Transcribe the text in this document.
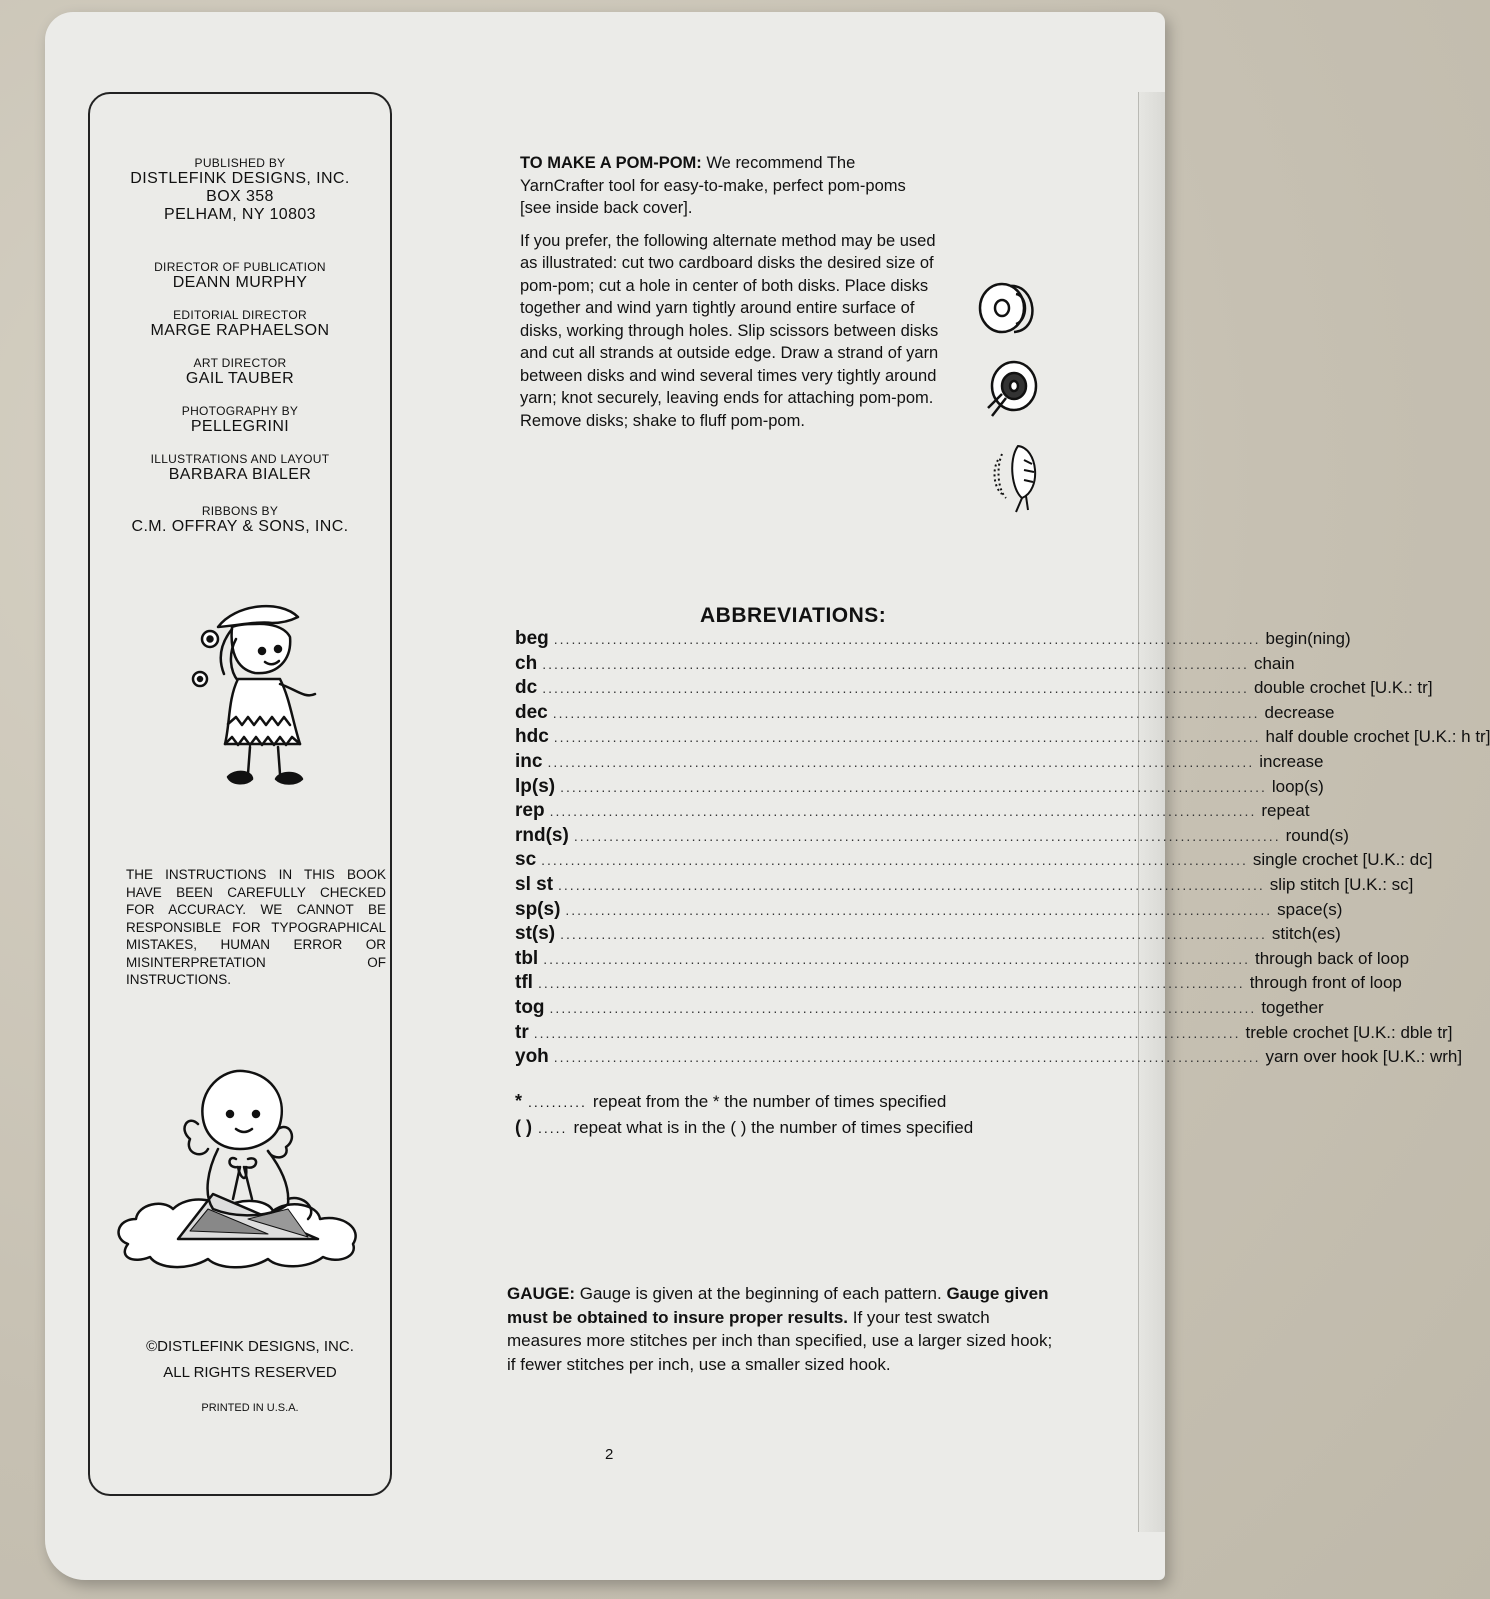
PUBLISHED BY
DISTLEFINK DESIGNS, INC.
BOX 358
PELHAM, NY 10803
DIRECTOR OF PUBLICATION
DEANN MURPHY
EDITORIAL DIRECTOR
MARGE RAPHAELSON
ART DIRECTOR
GAIL TAUBER
PHOTOGRAPHY BY
PELLEGRINI
ILLUSTRATIONS AND LAYOUT
BARBARA BIALER
RIBBONS BY
C.M. OFFRAY & SONS, INC.
THE INSTRUCTIONS IN THIS BOOK HAVE BEEN CAREFULLY CHECKED FOR ACCURACY. WE CANNOT BE RESPONSIBLE FOR TYPOGRAPHICAL MISTAKES, HUMAN ERROR OR MISINTERPRETATION OF INSTRUCTIONS.
©DISTLEFINK DESIGNS, INC.
ALL RIGHTS RESERVED
PRINTED IN U.S.A.

TO MAKE A POM-POM: We recommend The YarnCrafter tool for easy-to-make, perfect pom-poms [see inside back cover].

If you prefer, the following alternate method may be used as illustrated: cut two cardboard disks the desired size of pom-pom; cut a hole in center of both disks. Place disks together and wind yarn tightly around entire surface of disks, working through holes. Slip scissors between disks and cut all strands at outside edge. Draw a strand of yarn between disks and wind several times very tightly around yarn; knot securely, leaving ends for attaching pom-pom. Remove disks; shake to fluff pom-pom.

ABBREVIATIONS:
beg ........................................................................................................................ begin(ning)
ch ........................................................................................................................ chain
dc ........................................................................................................................ double crochet [U.K.: tr]
dec ........................................................................................................................ decrease
hdc ........................................................................................................................ half double crochet [U.K.: h tr]
inc ........................................................................................................................ increase
lp(s) ........................................................................................................................ loop(s)
rep ........................................................................................................................ repeat
rnd(s) ........................................................................................................................ round(s)
sc ........................................................................................................................ single crochet [U.K.: dc]
sl st ........................................................................................................................ slip stitch [U.K.: sc]
sp(s) ........................................................................................................................ space(s)
st(s) ........................................................................................................................ stitch(es)
tbl ........................................................................................................................ through back of loop
tfl ........................................................................................................................ through front of loop
tog ........................................................................................................................ together
tr ........................................................................................................................ treble crochet [U.K.: dble tr]
yoh ........................................................................................................................ yarn over hook [U.K.: wrh]
* .......... repeat from the * the number of times specified
( ) ..... repeat what is in the ( ) the number of times specified
GAUGE: Gauge is given at the beginning of each pattern. Gauge given must be obtained to insure proper results. If your test swatch measures more stitches per inch than specified, use a larger sized hook; if fewer stitches per inch, use a smaller sized hook.
2
